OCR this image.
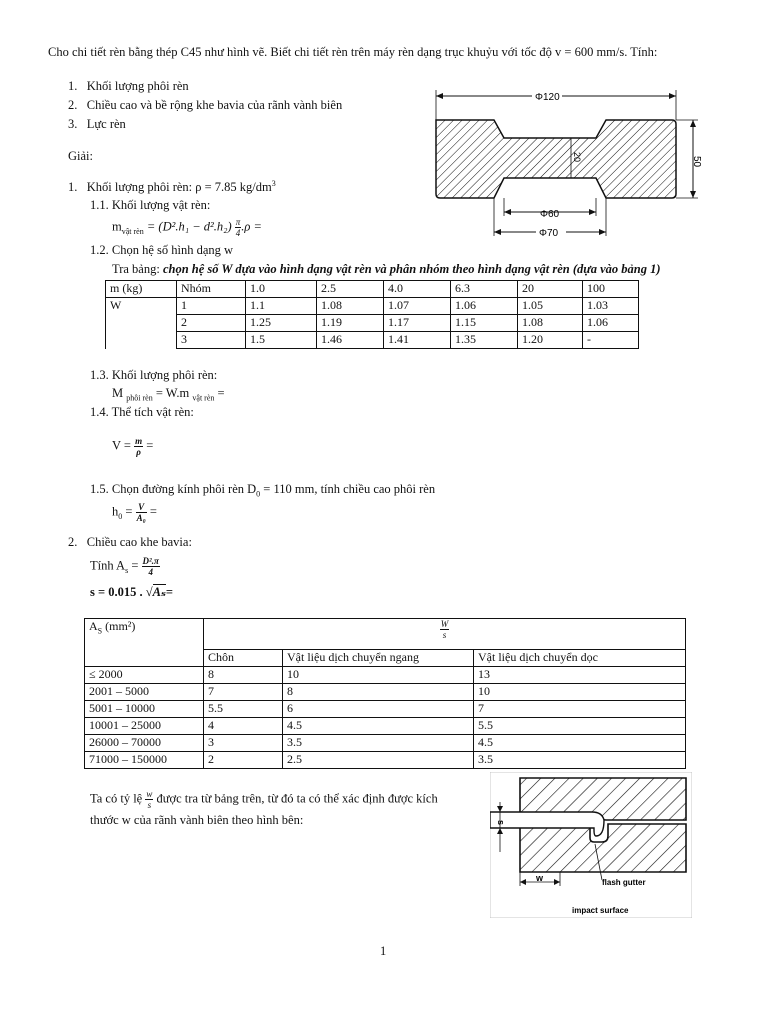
Cho chi tiết rèn bằng thép C45 như hình vẽ. Biết chi tiết rèn trên máy rèn dạng trục khuỷu với tốc độ v = 600 mm/s. Tính:
1.   Khối lượng phôi rèn
2.   Chiều cao và bề rộng khe bavia của rãnh vành biên
3.   Lực rèn
Giải:
1. Khối lượng phôi rèn: ρ = 7.85 $kg/dm^3$
1.1. Khối lượng vật rèn:
$m_{vật rèn} = (D^2.h_1 - d^2.h_2) \frac{\pi}{4} .\rho$ =
1.2. Chọn hệ số hình dạng w
Tra bảng: chọn hệ số W dựa vào hình dạng vật rèn và phân nhóm theo hình dạng vật rèn (dựa vào bảng 1)
m (kg)	Nhóm	1.0	2.5	4.0	6.3	20	100
W	1	1.1	1.08	1.07	1.06	1.05	1.03
	2	1.25	1.19	1.17	1.15	1.08	1.06
	3	1.5	1.46	1.41	1.35	1.20	-
1.3. Khối lượng phôi rèn:
M $_{phôi rèn}$ = W.m $_{vật rèn}$ =
1.4. Thể tích vật rèn:
$V = \frac{m}{\rho}$ =
1.5. Chọn đường kính phôi rèn $D_0 = 110$ mm, tính chiều cao phôi rèn
$h_0 = \frac{V}{\text{A₀}}$ =
2. Chiều cao khe bavia:
Tính $A_s = \frac{\text{D².π}}{4}$
s = 0.015 . √Aₛ=
$A_S$ (mm²)	$\frac{W}{s}$

	Chôn	Vật liệu dịch chuyển ngang	Vật liệu dịch chuyển dọc
≤ 2000	8	10	13
2001 – 5000	7	8	10
5001 – 10000	5.5	6	7
10001 – 25000	4	4.5	5.5
26000 – 70000	3	3.5	4.5
71000 – 150000	2	2.5	3.5
Ta có tỷ lệ $\frac{w}{s}$ được tra từ bảng trên, từ đó ta có thể xác định được kích
thước w của rãnh vành biên theo hình bên:
Φ120
50
20
Φ60
Φ70
s
w	flash gutter
impact surface
1
